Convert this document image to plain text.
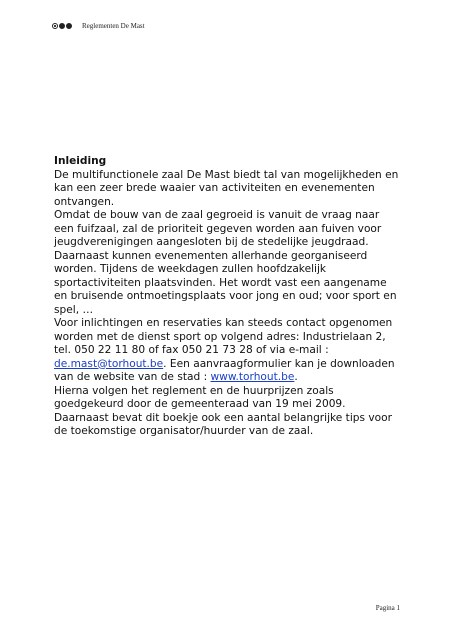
Reglementen De Mast

Inleiding

De multifunctionele zaal De Mast biedt tal van mogelijkheden en kan een zeer brede waaier van activiteiten en evenementen ontvangen.

Omdat de bouw van de zaal gegroeid is vanuit de vraag naar een fuifzaal, zal de prioriteit gegeven worden aan fuiven voor jeugdverenigingen aangesloten bij de stedelijke jeugdraad.

Daarnaast kunnen evenementen allerhande georganiseerd worden. Tijdens de weekdagen zullen hoofdzakelijk sportactiviteiten plaatsvinden. Het wordt vast een aangename en bruisende ontmoetingsplaats voor jong en oud; voor sport en spel, …

Voor inlichtingen en reservaties kan steeds contact opgenomen worden met de dienst sport op volgend adres: Industrielaan 2, tel. 050 22 11 80 of fax 050 21 73 28 of via e-mail : de.mast@torhout.be. Een aanvraagformulier kan je downloaden van de website van de stad : www.torhout.be.

Hierna volgen het reglement en de huurprijzen zoals goedgekeurd door de gemeenteraad van 19 mei 2009.

Daarnaast bevat dit boekje ook een aantal belangrijke tips voor de toekomstige organisator/huurder van de zaal.

Pagina 1
